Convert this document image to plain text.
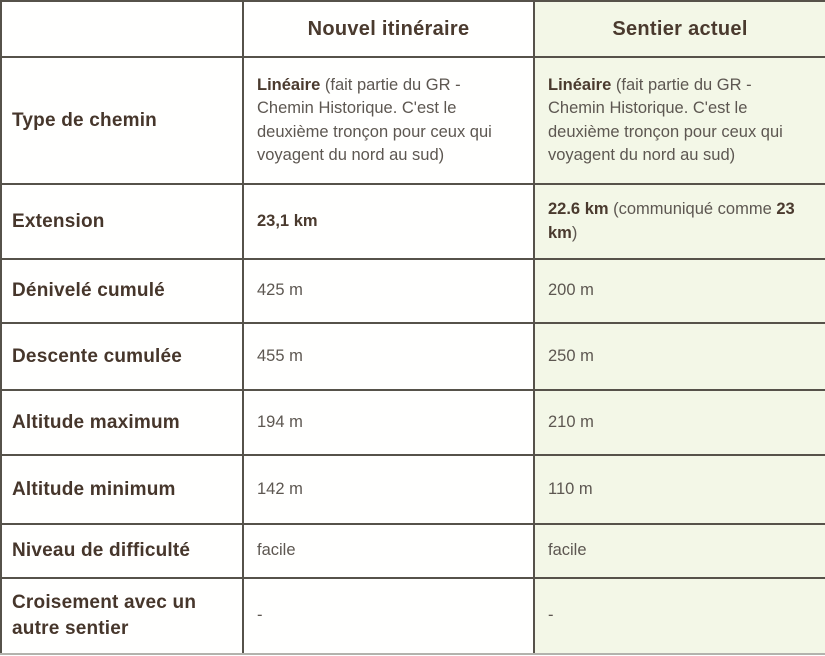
	Nouvel itinéraire	Sentier actuel
Type de chemin	Linéaire (fait partie du GR - Chemin Historique. C'est le deuxième tronçon pour ceux qui voyagent du nord au sud)	Linéaire (fait partie du GR - Chemin Historique. C'est le deuxième tronçon pour ceux qui voyagent du nord au sud)
Extension	23,1 km	22.6 km (communiqué comme 23 km)
Dénivelé cumulé	425 m	200 m
Descente cumulée	455 m	250 m
Altitude maximum	194 m	210 m
Altitude minimum	142 m	110 m
Niveau de difficulté	facile	facile
Croisement avec un autre sentier	-	-
